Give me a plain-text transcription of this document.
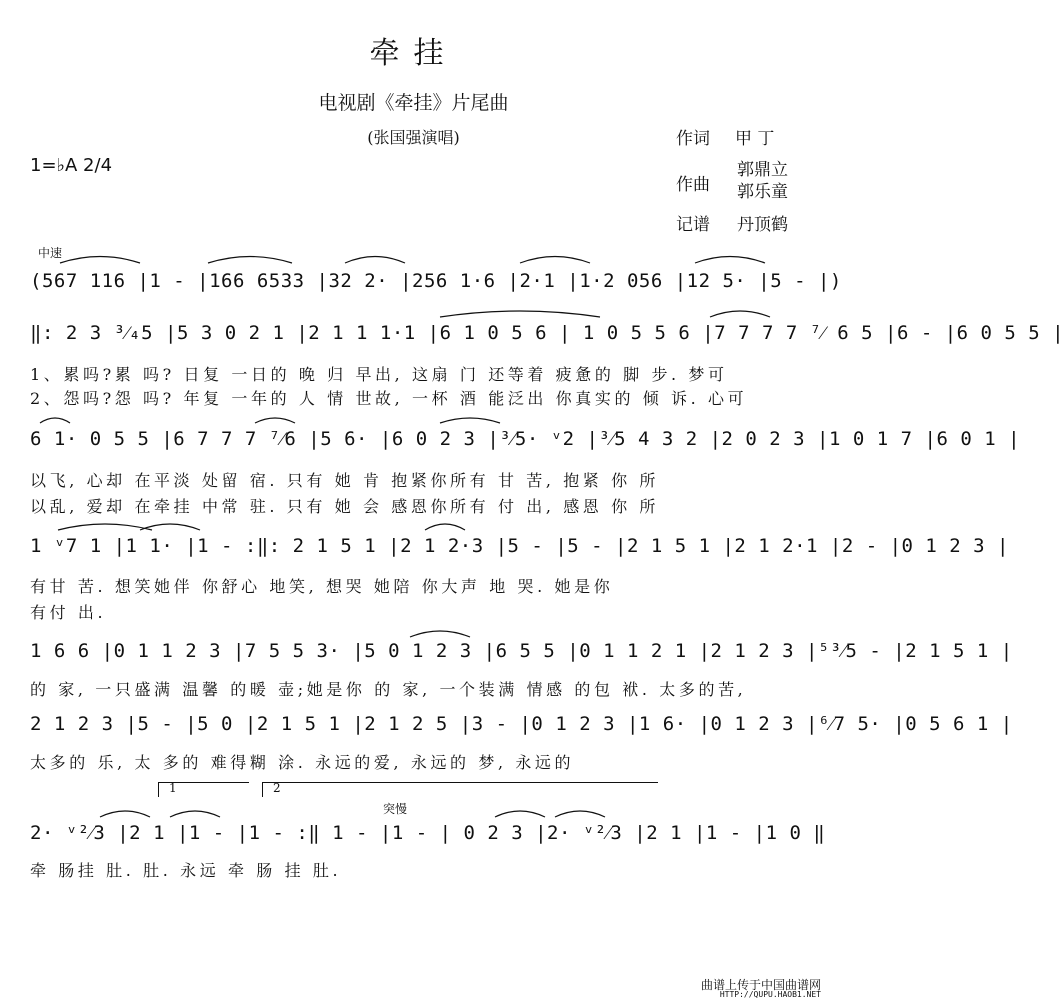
牵挂
电视剧《牵挂》片尾曲
(张国强演唱)
1=♭A 2/4
作词 甲 丁
作曲
郭鼎立
郭乐童
记谱 丹顶鹤
中速
(567 116 |1 - |166 6533 |32 2· |256 1·6 |2·1 |1·2 056 |12 5· |5 - |)
‖: 2 3 ³⁄₄5 |5 3 0 2 1 |2 1 1 1·1 |6 1 0 5 6 | 1 0 5 5 6 |7 7 7 7 ⁷⁄ 6 5 |6 - |6 0 5 5 |
1、累吗?累 吗? 日复 一日的 晚 归 早出, 这扇 门 还等着 疲惫的 脚 步. 梦可
2、怨吗?怨 吗? 年复 一年的 人 情 世故, 一杯 酒 能泛出 你真实的 倾 诉. 心可
6 1· 0 5 5 |6 7 7 7 ⁷⁄6 |5 6· |6 0 2 3 |³⁄5· ᵛ2 |³⁄5 4 3 2 |2 0 2 3 |1 0 1 7 |6 0 1 |
以飞, 心却 在平淡 处留 宿. 只有 她 肯 抱紧你所有 甘 苦, 抱紧 你 所
以乱, 爱却 在牵挂 中常 驻. 只有 她 会 感恩你所有 付 出, 感恩 你 所
1 ᵛ7 1 |1 1· |1 - :‖: 2 1 5 1 |2 1 2·3 |5 - |5 - |2 1 5 1 |2 1 2·1 |2 - |0 1 2 3 |
有甘 苦. 想笑她伴 你舒心 地笑, 想哭 她陪 你大声 地 哭. 她是你
有付 出.
1 6 6 |0 1 1 2 3 |7 5 5 3· |5 0 1 2 3 |6 5 5 |0 1 1 2 1 |2 1 2 3 |⁵³⁄5 - |2 1 5 1 |
的 家, 一只盛满 温馨 的暖 壶;她是你 的 家, 一个装满 情感 的包 袱. 太多的苦,
2 1 2 3 |5 - |5 0 |2 1 5 1 |2 1 2 5 |3 - |0 1 2 3 |1 6· |0 1 2 3 |⁶⁄7 5· |0 5 6 1 |
太多的 乐, 太 多的 难得糊 涂. 永远的爱, 永远的 梦, 永远的
1	2
突慢
2· ᵛ²⁄3 |2 1 |1 - |1 - :‖ 1 - |1 - | 0 2 3 |2· ᵛ²⁄3 |2 1 |1 - |1 0 ‖
牵 肠挂 肚. 肚. 永远 牵 肠 挂 肚.
曲谱上传于中国曲谱网
HTTP://QUPU.HAOB1.NET
